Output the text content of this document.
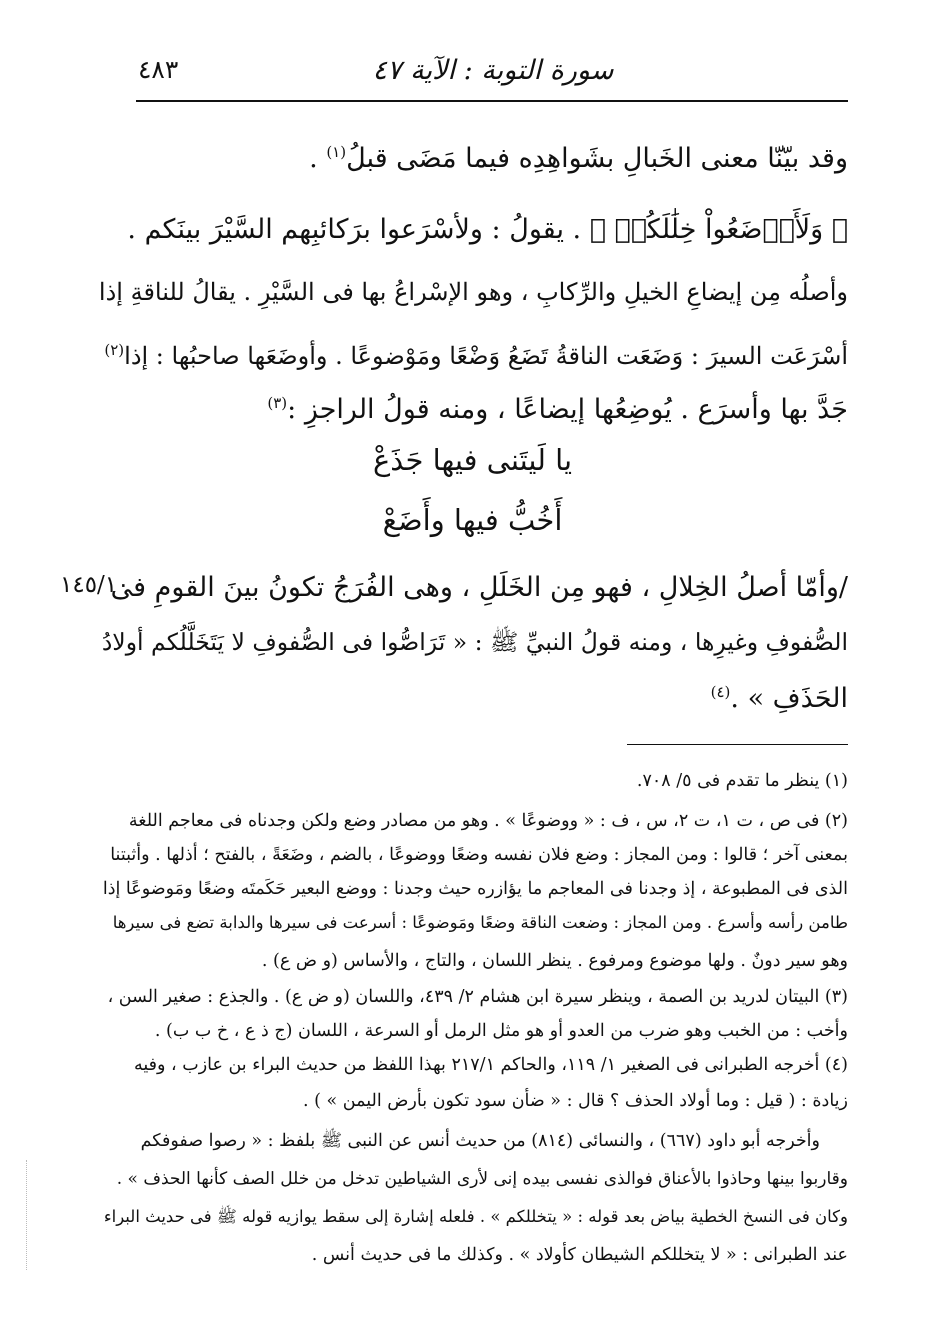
سورة التوبة : الآية ٤٧
٤٨٣
وقد بيّنّا معنى الخَبالِ بشَواهِدِه فيما مَضَى قبلُ$^{(١)}$ .
﴿ وَلَأَوۡضَعُواْ خِلَٰلَكُمۡ ﴾ . يقولُ : ولأسْرَعوا برَكائبِهم السَّيْرَ بينَكم .
وأصلُه مِن إيضاعِ الخيلِ والرِّكابِ ، وهو الإسْراعُ بها فى السَّيْرِ . يقالُ للناقةِ إذا
أسْرَعَت السيرَ : وَضَعَت الناقةُ تَضَعُ وَضْعًا ومَوْضوعًا . وأوضَعَها صاحبُها : إذا$^{(٢)}$
جَدَّ بها وأسرَع . يُوضِعُها إيضاعًا ، ومنه قولُ الراجزِ :$^{(٣)}$
يا لَيتَنى فيها جَذَعْ
أَخُبُّ فيها وأَضَعْ
/وأمّا أصلُ الخِلالِ ، فهو مِن الخَلَلِ ، وهى الفُرَجُ تكونُ بينَ القومِ فى
١٤٥/١٠
الصُّفوفِ وغيرِها ، ومنه قولُ النبيِّ ﷺ : « تَرَاصُّوا فى الصُّفوفِ لا يَتَخَلَّلُكم أولادُ
الحَذَفِ » .$^{(٤)}$
(١) ينظر ما تقدم فى ٥/ ٧٠٨.
(٢) فى ص ، ت ١، ت ٢، س ، ف : « ووضوعًا » . وهو من مصادر وضع ولكن وجدناه فى معاجم اللغة
بمعنى آخر ؛ قالوا : ومن المجاز : وضع فلان نفسه وضعًا ووضوعًا ، بالضم ، وضَعَةً ، بالفتح ؛ أذلها . وأثبتنا
الذى فى المطبوعة ، إذ وجدنا فى المعاجم ما يؤازره حيث وجدنا : ووضع البعير حَكَمتَه وضعًا ومَوضوعًا إذا
طامن رأسه وأسرع . ومن المجاز : وضعت الناقة وضعًا ومَوضوعًا : أسرعت فى سيرها والدابة تضع فى سيرها
وهو سير دونٌ . ولها موضوع ومرفوع . ينظر اللسان ، والتاج ، والأساس (و ض ع) .
(٣) البيتان لدريد بن الصمة ، وينظر سيرة ابن هشام ٢/ ٤٣٩، واللسان (و ض ع) . والجذع : صغير السن ،
وأخب : من الخبب وهو ضرب من العدو أو هو مثل الرمل أو السرعة ، اللسان (ج ذ ع ، خ ب ب) .
(٤) أخرجه الطبرانى فى الصغير ١/ ١١٩، والحاكم ٢١٧/١ بهذا اللفظ من حديث البراء بن عازب ، وفيه
زيادة : ( قيل : وما أولاد الحذف ؟ قال : « ضأن سود تكون بأرض اليمن » ) .
وأخرجه أبو داود (٦٦٧) ، والنسائى (٨١٤) من حديث أنس عن النبى ﷺ بلفظ : « رصوا صفوفكم
وقاربوا بينها وحاذوا بالأعناق فوالذى نفسى بيده إنى لأرى الشياطين تدخل من خلل الصف كأنها الحذف » .
وكان فى النسخ الخطية بياض بعد قوله : « يتخللكم » . فلعله إشارة إلى سقط يوازيه قوله ﷺ فى حديث البراء
عند الطبرانى : « لا يتخللكم الشيطان كأولاد » . وكذلك ما فى حديث أنس .
